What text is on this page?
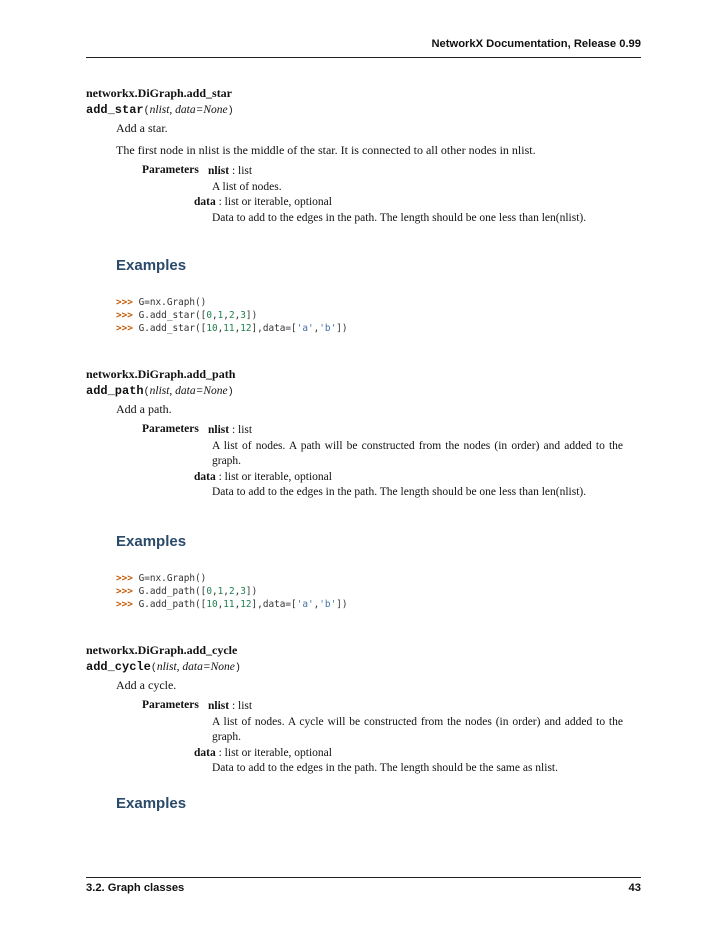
NetworkX Documentation, Release 0.99
networkx.DiGraph.add_star
add_star(nlist, data=None)
Add a star.
The first node in nlist is the middle of the star. It is connected to all other nodes in nlist.
Parameters nlist : list
A list of nodes.
data : list or iterable, optional
Data to add to the edges in the path. The length should be one less than len(nlist).
Examples
>>> G=nx.Graph()
>>> G.add_star([0,1,2,3])
>>> G.add_star([10,11,12],data=['a','b'])
networkx.DiGraph.add_path
add_path(nlist, data=None)
Add a path.
Parameters nlist : list
A list of nodes. A path will be constructed from the nodes (in order) and added to the graph.
data : list or iterable, optional
Data to add to the edges in the path. The length should be one less than len(nlist).
Examples
>>> G=nx.Graph()
>>> G.add_path([0,1,2,3])
>>> G.add_path([10,11,12],data=['a','b'])
networkx.DiGraph.add_cycle
add_cycle(nlist, data=None)
Add a cycle.
Parameters nlist : list
A list of nodes. A cycle will be constructed from the nodes (in order) and added to the graph.
data : list or iterable, optional
Data to add to the edges in the path. The length should be the same as nlist.
Examples
3.2. Graph classes	43
